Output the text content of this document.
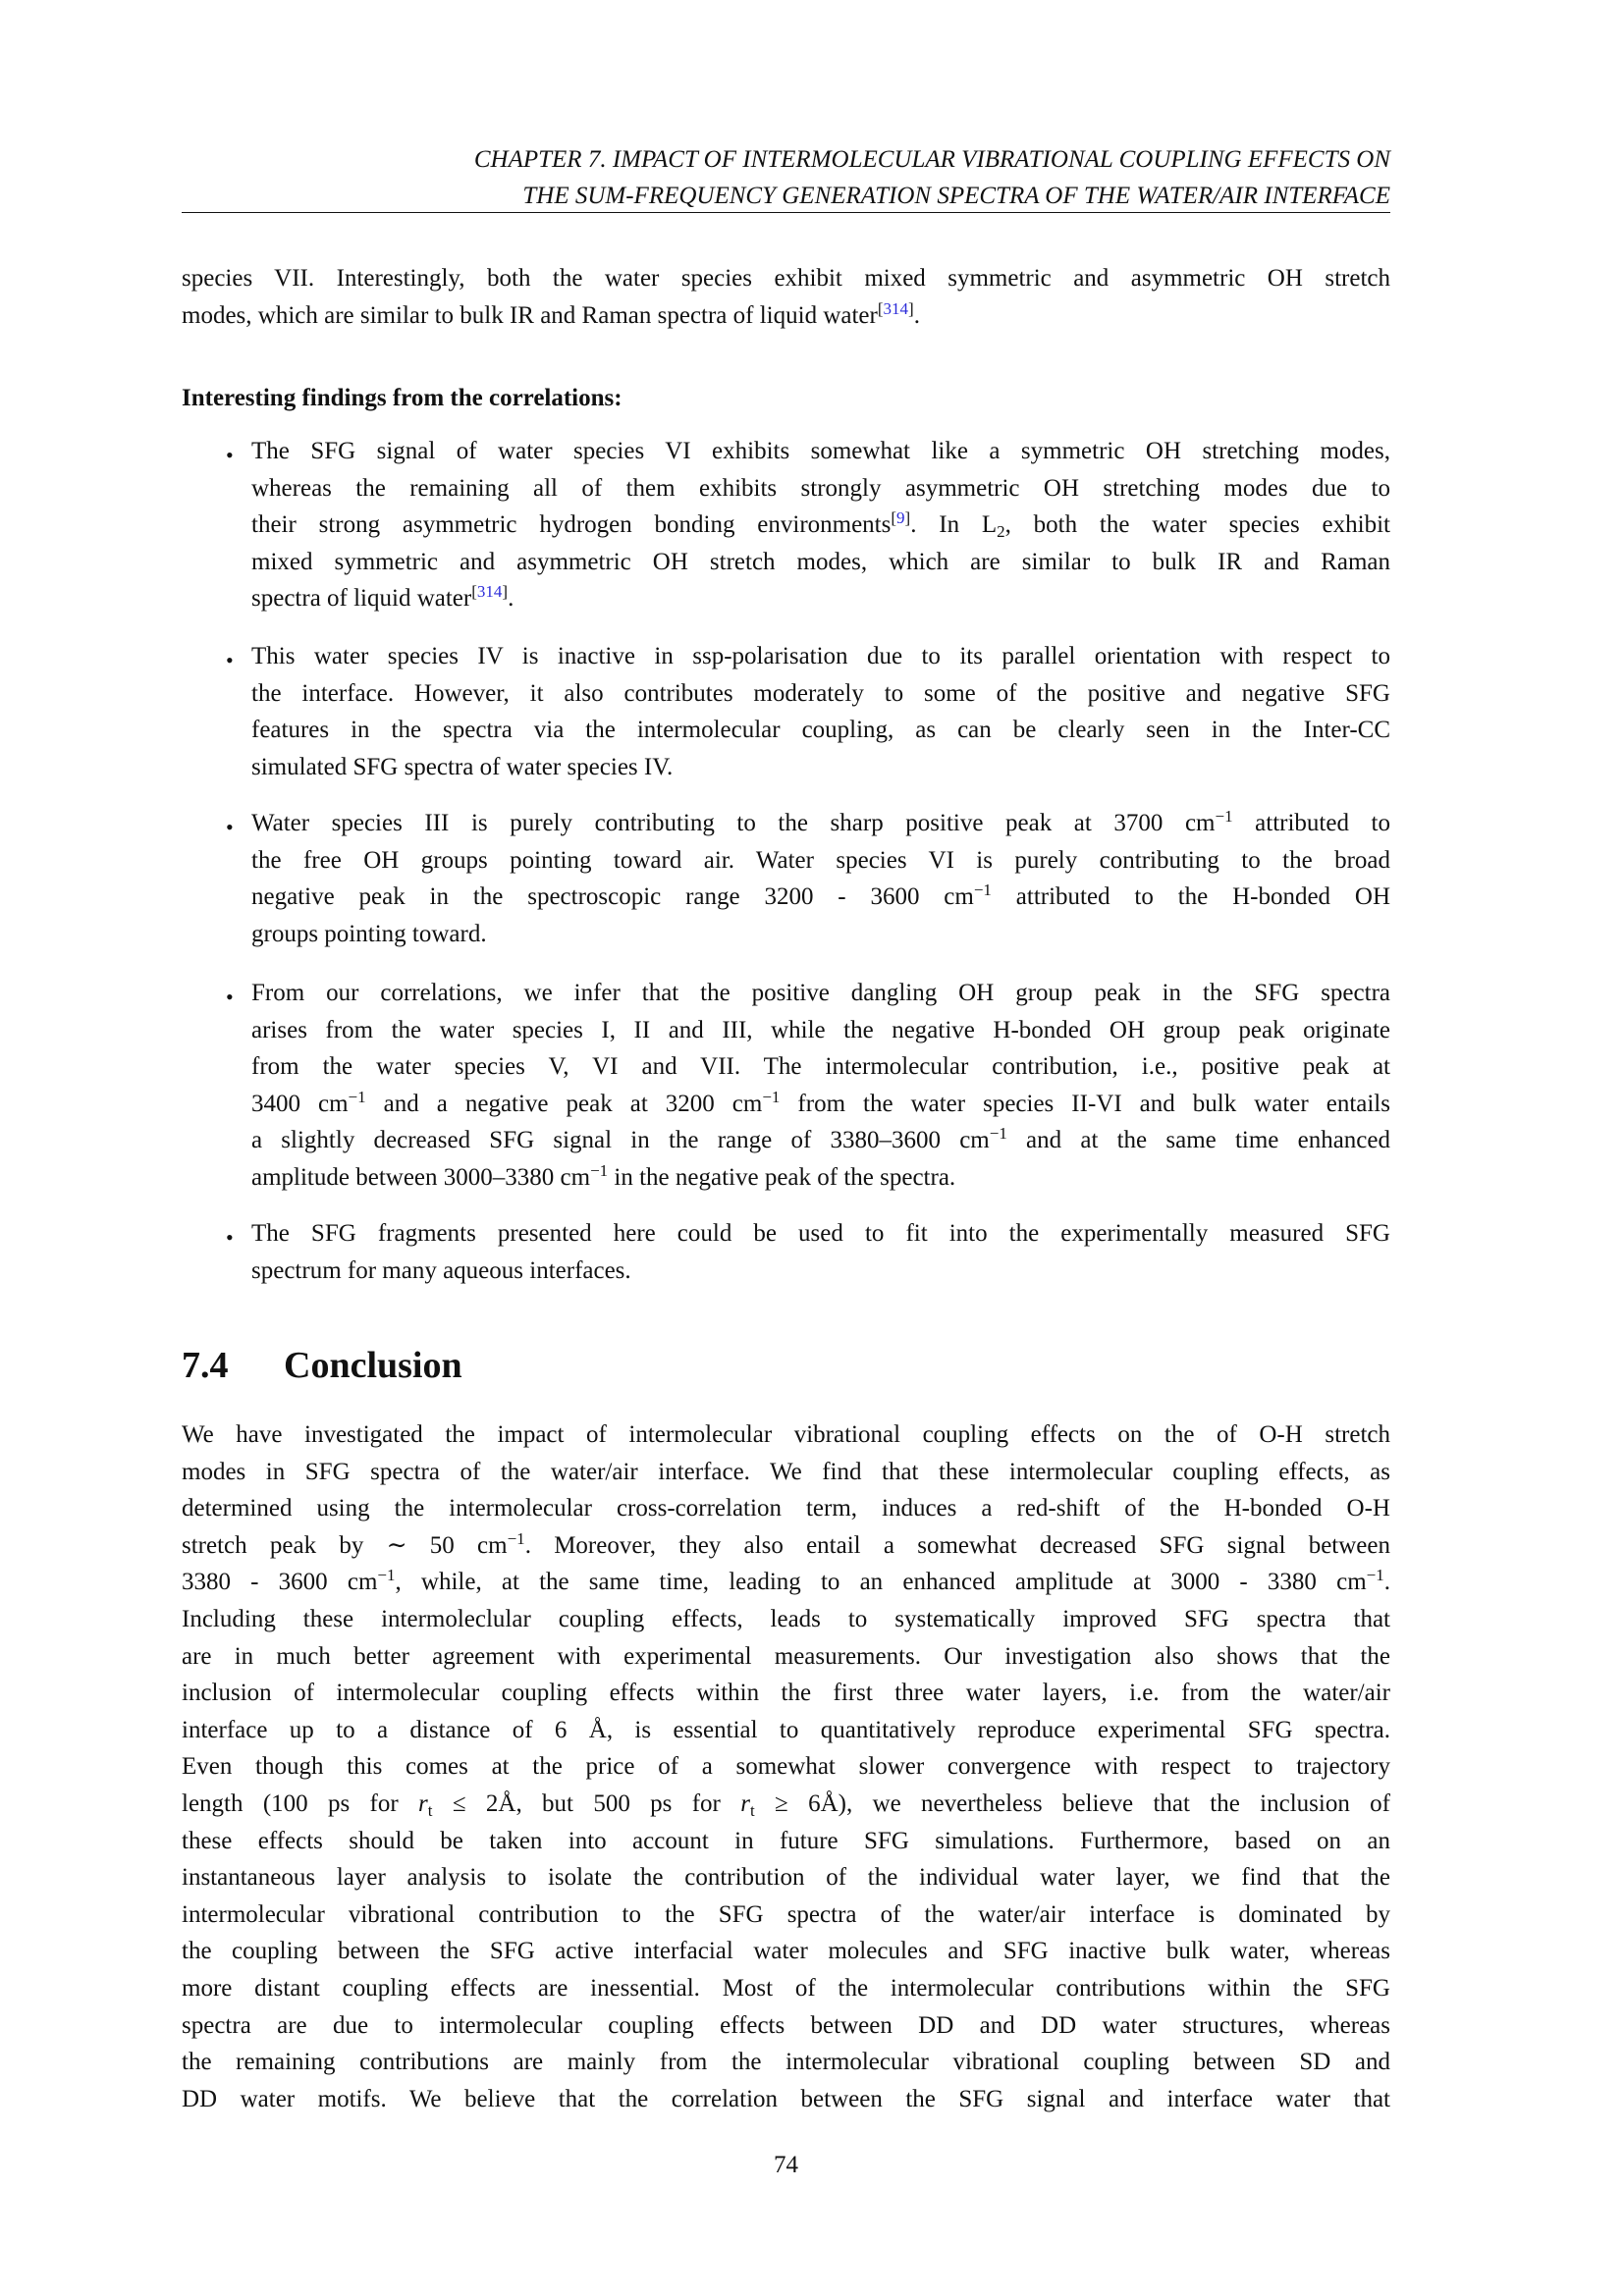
CHAPTER 7. IMPACT OF INTERMOLECULAR VIBRATIONAL COUPLING EFFECTS ON
THE SUM-FREQUENCY GENERATION SPECTRA OF THE WATER/AIR INTERFACE
species VII. Interestingly, both the water species exhibit mixed symmetric and asymmetric OH stretch
modes, which are similar to bulk IR and Raman spectra of liquid water[314].
Interesting findings from the correlations:
• The SFG signal of water species VI exhibits somewhat like a symmetric OH stretching modes,
whereas the remaining all of them exhibits strongly asymmetric OH stretching modes due to
their strong asymmetric hydrogen bonding environments[9]. In $L_2$, both the water species exhibit
mixed symmetric and asymmetric OH stretch modes, which are similar to bulk IR and Raman
spectra of liquid water[314].
• This water species IV is inactive in ssp-polarisation due to its parallel orientation with respect to
the interface. However, it also contributes moderately to some of the positive and negative SFG
features in the spectra via the intermolecular coupling, as can be clearly seen in the Inter-CC
simulated SFG spectra of water species IV.
• Water species III is purely contributing to the sharp positive peak at 3700 $cm^{-1}$ attributed to
the free OH groups pointing toward air. Water species VI is purely contributing to the broad
negative peak in the spectroscopic range 3200 - 3600 $cm^{-1}$ attributed to the H-bonded OH
groups pointing toward.
• From our correlations, we infer that the positive dangling OH group peak in the SFG spectra
arises from the water species I, II and III, while the negative H-bonded OH group peak originate
from the water species V, VI and VII. The intermolecular contribution, i.e., positive peak at
3400 $cm^{-1}$ and a negative peak at 3200 $cm^{-1}$ from the water species II-VI and bulk water entails
a slightly decreased SFG signal in the range of 3380–3600 $cm^{-1}$ and at the same time enhanced
amplitude between 3000–3380 $cm^{-1}$ in the negative peak of the spectra.
• The SFG fragments presented here could be used to fit into the experimentally measured SFG
spectrum for many aqueous interfaces.
We have investigated the impact of intermolecular vibrational coupling effects on the of O-H stretch
modes in SFG spectra of the water/air interface. We find that these intermolecular coupling effects, as
determined using the intermolecular cross-correlation term, induces a red-shift of the H-bonded O-H
stretch peak by ∼ 50 $cm^{-1}$. Moreover, they also entail a somewhat decreased SFG signal between
3380 - 3600 $cm^{-1}$, while, at the same time, leading to an enhanced amplitude at 3000 - 3380 $cm^{-1}$.
Including these intermoleclular coupling effects, leads to systematically improved SFG spectra that
are in much better agreement with experimental measurements. Our investigation also shows that the
inclusion of intermolecular coupling effects within the first three water layers, i.e. from the water/air
interface up to a distance of 6 Å, is essential to quantitatively reproduce experimental SFG spectra.
Even though this comes at the price of a somewhat slower convergence with respect to trajectory
length (100 ps for $r_t$ ≤ 2Å, but 500 ps for $r_t$ ≥ 6Å), we nevertheless believe that the inclusion of
these effects should be taken into account in future SFG simulations. Furthermore, based on an
instantaneous layer analysis to isolate the contribution of the individual water layer, we find that the
intermolecular vibrational contribution to the SFG spectra of the water/air interface is dominated by
the coupling between the SFG active interfacial water molecules and SFG inactive bulk water, whereas
more distant coupling effects are inessential. Most of the intermolecular contributions within the SFG
spectra are due to intermolecular coupling effects between DD and DD water structures, whereas
the remaining contributions are mainly from the intermolecular vibrational coupling between SD and
DD water motifs. We believe that the correlation between the SFG signal and interface water that
7.4 Conclusion
74
